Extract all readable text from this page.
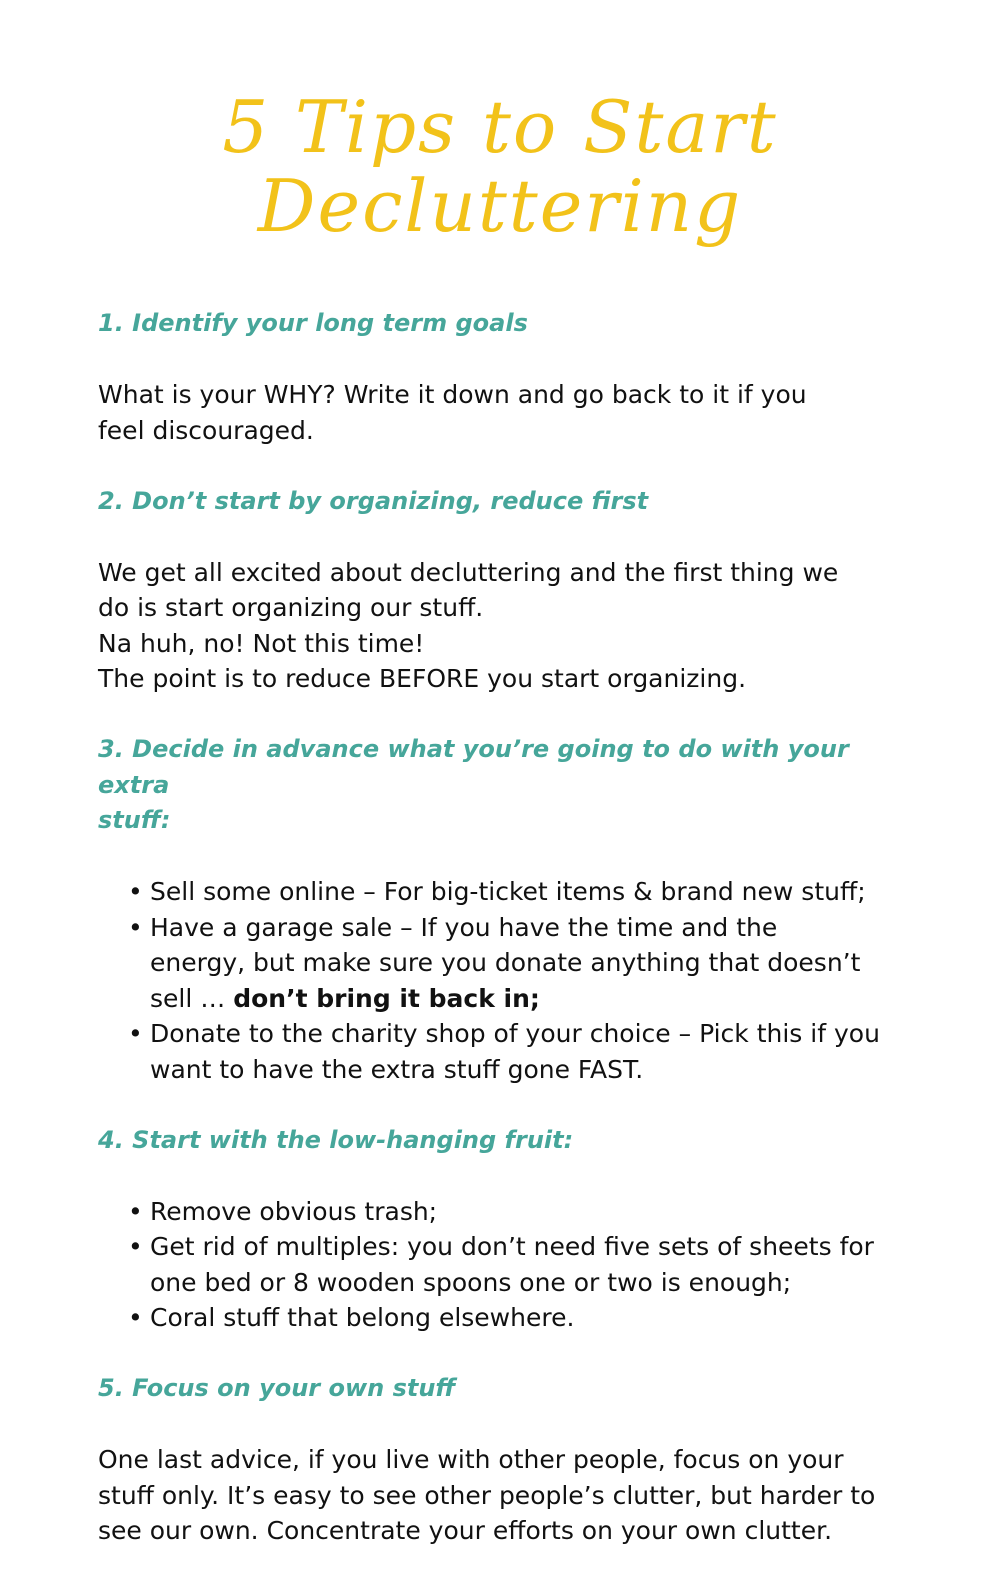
5 Tips to Start Decluttering

1. Identify your long term goals

What is your WHY? Write it down and go back to it if you
feel discouraged.

2. Don’t start by organizing, reduce first

We get all excited about decluttering and the first thing we
do is start organizing our stuff.
Na huh, no! Not this time!
The point is to reduce BEFORE you start organizing.

3. Decide in advance what you’re going to do with your extra
stuff:

• Sell some online – For big-ticket items & brand new stuff;
• Have a garage sale – If you have the time and the
energy, but make sure you donate anything that doesn’t
sell … don’t bring it back in;
• Donate to the charity shop of your choice – Pick this if you
want to have the extra stuff gone FAST.

4. Start with the low-hanging fruit:

• Remove obvious trash;
• Get rid of multiples: you don’t need five sets of sheets for
one bed or 8 wooden spoons one or two is enough;
• Coral stuff that belong elsewhere.

5. Focus on your own stuff

One last advice, if you live with other people, focus on your
stuff only. It’s easy to see other people’s clutter, but harder to
see our own. Concentrate your efforts on your own clutter.
